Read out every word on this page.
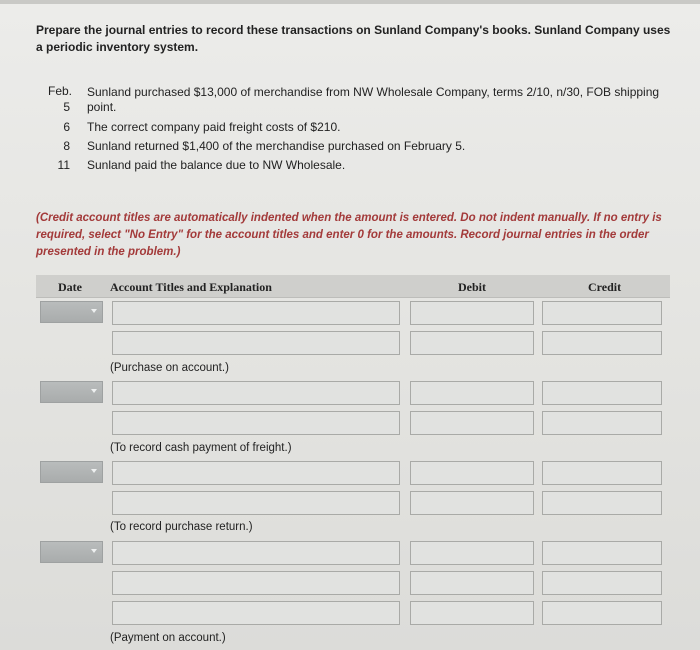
Prepare the journal entries to record these transactions on Sunland Company's books. Sunland Company uses a periodic inventory system.
Feb.
5
Sunland purchased $13,000 of merchandise from NW Wholesale Company, terms 2/10, n/30, FOB shipping
point.
6 The correct company paid freight costs of $210.
8 Sunland returned $1,400 of the merchandise purchased on February 5.
11 Sunland paid the balance due to NW Wholesale.
(Credit account titles are automatically indented when the amount is entered. Do not indent manually. If no entry is required, select "No Entry" for the account titles and enter 0 for the amounts. Record journal entries in the order presented in the problem.)
Date Account Titles and Explanation	Debit	Credit
(Purchase on account.)
(To record cash payment of freight.)
(To record purchase return.)
(Payment on account.)
